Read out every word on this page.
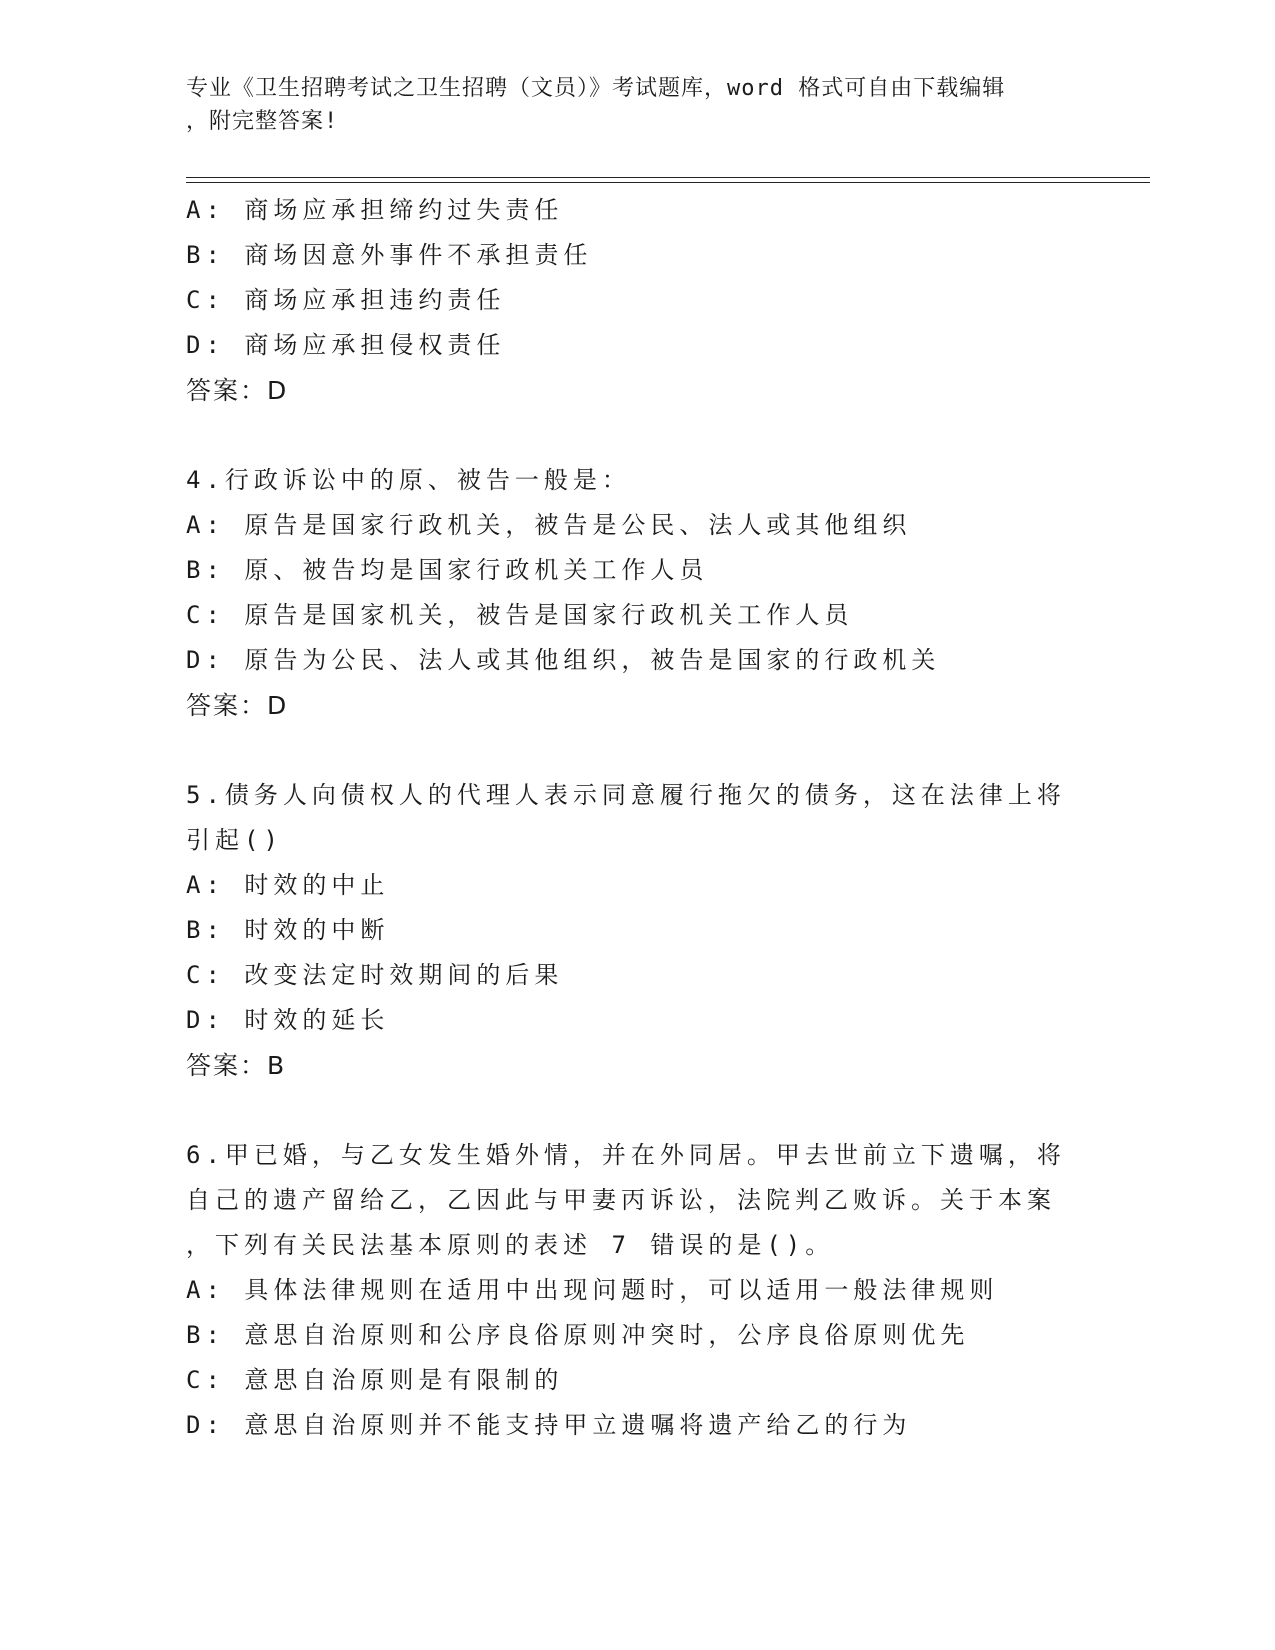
专业《卫生招聘考试之卫生招聘（文员）》考试题库，word 格式可自由下载编辑
，附完整答案!
A: 商场应承担缔约过失责任
B: 商场因意外事件不承担责任
C: 商场应承担违约责任
D: 商场应承担侵权责任
答案：D
4.行政诉讼中的原、被告一般是：
A: 原告是国家行政机关，被告是公民、法人或其他组织
B: 原、被告均是国家行政机关工作人员
C: 原告是国家机关，被告是国家行政机关工作人员
D: 原告为公民、法人或其他组织，被告是国家的行政机关
答案：D
5.债务人向债权人的代理人表示同意履行拖欠的债务，这在法律上将
引起()
A: 时效的中止
B: 时效的中断
C: 改变法定时效期间的后果
D: 时效的延长
答案：B
6.甲已婚，与乙女发生婚外情，并在外同居。甲去世前立下遗嘱，将
自己的遗产留给乙，乙因此与甲妻丙诉讼，法院判乙败诉。关于本案
，下列有关民法基本原则的表述 7 错误的是()。
A: 具体法律规则在适用中出现问题时，可以适用一般法律规则
B: 意思自治原则和公序良俗原则冲突时，公序良俗原则优先
C: 意思自治原则是有限制的
D: 意思自治原则并不能支持甲立遗嘱将遗产给乙的行为
